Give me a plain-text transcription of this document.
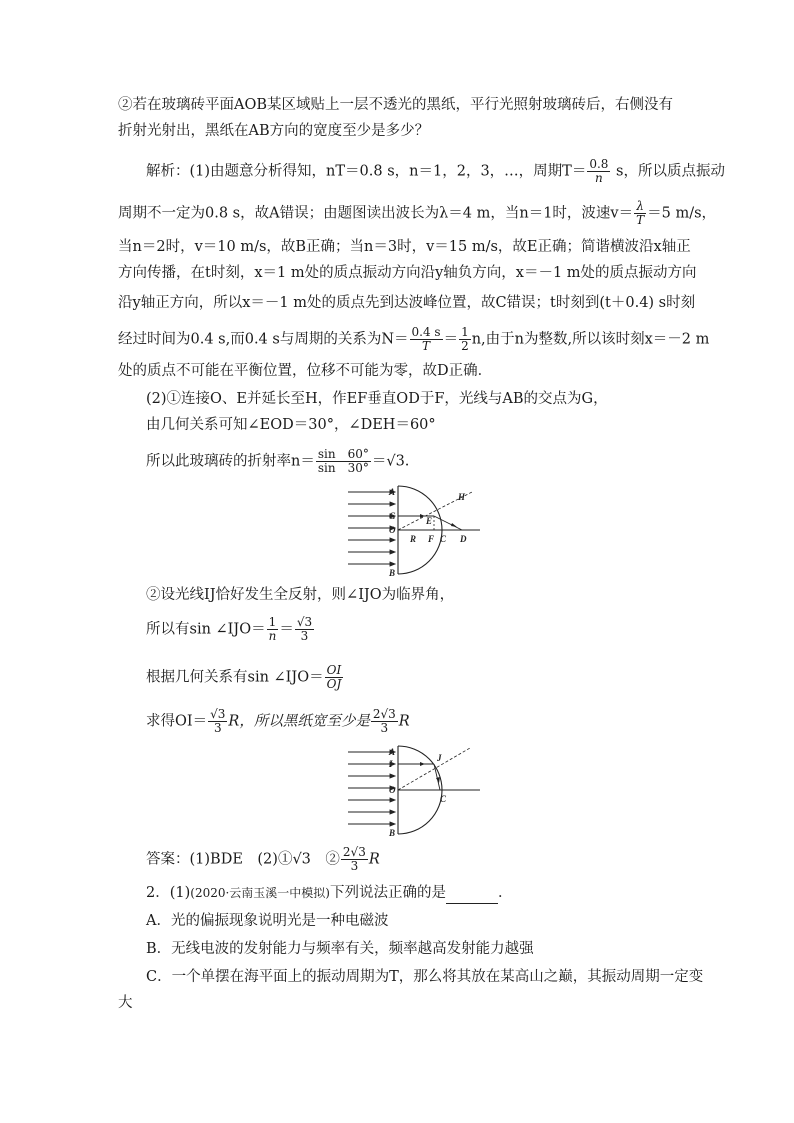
②若在玻璃砖平面AOB某区域贴上一层不透光的黑纸，平行光照射玻璃砖后，右侧没有
折射光射出，黑纸在AB方向的宽度至少是多少？
解析：(1)由题意分析得知，nT＝0.8 s，n＝1，2，3，…，周期$T= \frac{0.8}{n}$ s，所以质点振动
周期不一定为0.8 s，故A错误；由题图读出波长为λ＝4 m，当n＝1时，波速$v= \frac{\lambda}{T} =5$ m/s，
当n＝2时，v＝10 m/s，故B正确；当n＝3时，v＝15 m/s，故E正确；简谐横波沿x轴正
方向传播，在t时刻，x＝1 m处的质点振动方向沿y轴负方向，x＝－1 m处的质点振动方向
沿y轴正方向，所以x＝－1 m处的质点先到达波峰位置，故C错误；t时刻到(t＋0.4) s时刻
经过时间为0.4 s,而0.4 s与周期的关系为$N= \frac{0.4 s}{T} = \frac{1}{2} n$,由于n为整数,所以该时刻x＝－2 m
处的质点不可能在平衡位置，位移不可能为零，故D正确．
(2)①连接O、E并延长至H，作EF垂直OD于F，光线与AB的交点为G，
由几何关系可知∠EOD＝30°，∠DEH＝60°
所以此玻璃砖的折射率$n= \frac{\sin 60^\circ}{\sin 30^\circ} =√3$.
A
G
O
B
H
E
R F C D
②设光线IJ恰好发生全反射，则∠IJO为临界角，
所以有sin ∠IJO＝ $\frac{1}{n} = \frac{√3}{3}$
根据几何关系有sin ∠IJO＝ $\frac{OI}{OJ}$
求得$OI= \frac{√3}{3}$ R，所以黑纸宽至少是 $\frac{2√3}{3}$ R
A
I
O
B
J
C
答案：(1)BDE　(2)①√3　② $\frac{2√3}{3}$ R
2．(1)(2020·云南玉溪一中模拟)下列说法正确的是	．
A．光的偏振现象说明光是一种电磁波
B．无线电波的发射能力与频率有关，频率越高发射能力越强
C．一个单摆在海平面上的振动周期为T，那么将其放在某高山之巅，其振动周期一定变
大
